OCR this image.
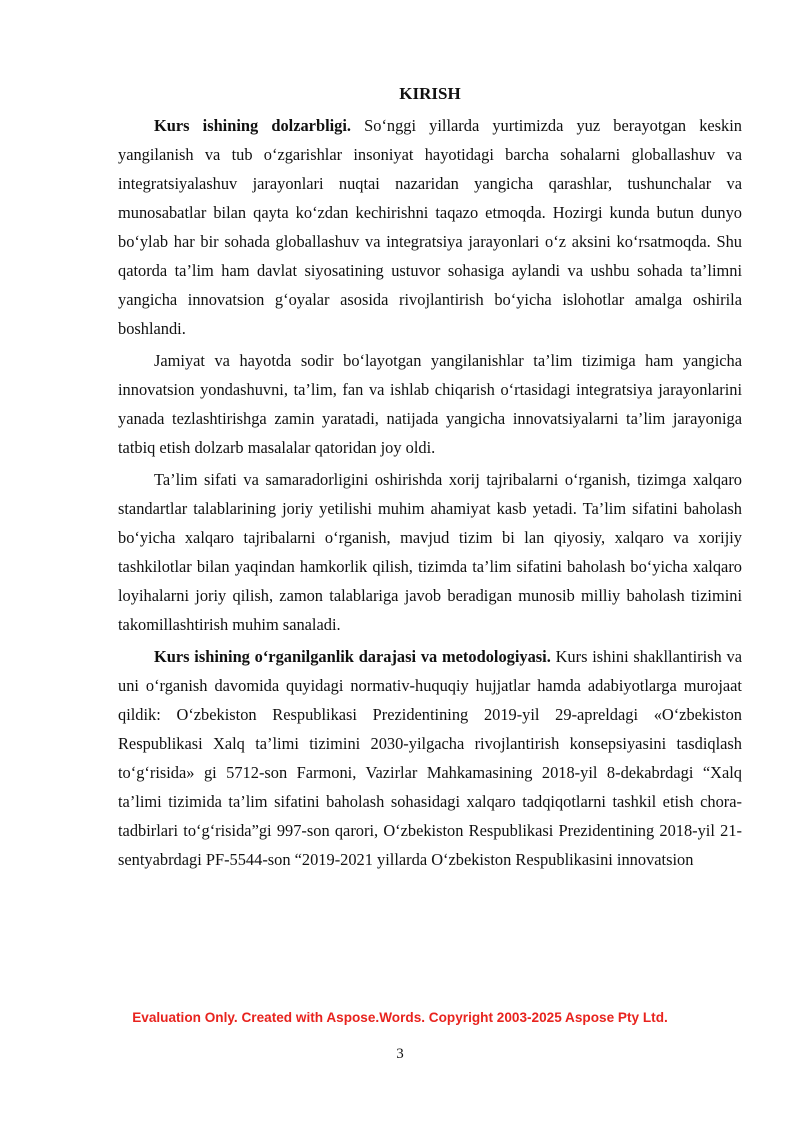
KIRISH

Kurs ishining dolzarbligi. So‘nggi yillarda yurtimizda yuz berayotgan keskin yangilanish va tub o‘zgarishlar insoniyat hayotidagi barcha sohalarni globallashuv va integratsiyalashuv jarayonlari nuqtai nazaridan yangicha qarashlar, tushunchalar va munosabatlar bilan qayta ko‘zdan kechirishni taqazo etmoqda. Hozirgi kunda butun dunyo bo‘ylab har bir sohada globallashuv va integratsiya jarayonlari o‘z aksini ko‘rsatmoqda. Shu qatorda ta’lim ham davlat siyosatining ustuvor sohasiga aylandi va ushbu sohada ta’limni yangicha innovatsion g‘oyalar asosida rivojlantirish bo‘yicha islohotlar amalga oshirila boshlandi.

Jamiyat va hayotda sodir bo‘layotgan yangilanishlar ta’lim tizimiga ham yangicha innovatsion yondashuvni, ta’lim, fan va ishlab chiqarish o‘rtasidagi integratsiya jarayonlarini yanada tezlashtirishga zamin yaratadi, natijada yangicha innovatsiyalarni ta’lim jarayoniga tatbiq etish dolzarb masalalar qatoridan joy oldi.

Ta’lim sifati va samaradorligini oshirishda xorij tajribalarni o‘rganish, tizimga xalqaro standartlar talablarining joriy yetilishi muhim ahamiyat kasb yetadi. Ta’lim sifatini baholash bo‘yicha xalqaro tajribalarni o‘rganish, mavjud tizim bi lan qiyosiy, xalqaro va xorijiy tashkilotlar bilan yaqindan hamkorlik qilish, tizimda ta’lim sifatini baholash bo‘yicha xalqaro loyihalarni joriy qilish, zamon talablariga javob beradigan munosib milliy baholash tizimini takomillashtirish muhim sanaladi.

Kurs ishining o‘rganilganlik darajasi va metodologiyasi. Kurs ishini shakllantirish va uni o‘rganish davomida quyidagi normativ-huquqiy hujjatlar hamda adabiyotlarga murojaat qildik: O‘zbekiston Respublikasi Prezidentining 2019-yil 29-apreldagi «O‘zbekiston Respublikasi Xalq ta’limi tizimini 2030-yilgacha rivojlantirish konsepsiyasini tasdiqlash to‘g‘risida» gi 5712-son Farmoni, Vazirlar Mahkamasining 2018-yil 8-dekabrdagi “Xalq ta’limi tizimida ta’lim sifatini baholash sohasidagi xalqaro tadqiqotlarni tashkil etish chora-tadbirlari to‘g‘risida”gi 997-son qarori, O‘zbekiston Respublikasi Prezidentining 2018-yil 21-sentyabrdagi PF-5544-son “2019-2021 yillarda O‘zbekiston Respublikasini innovatsion

Evaluation Only. Created with Aspose.Words. Copyright 2003-2025 Aspose Pty Ltd.
3
